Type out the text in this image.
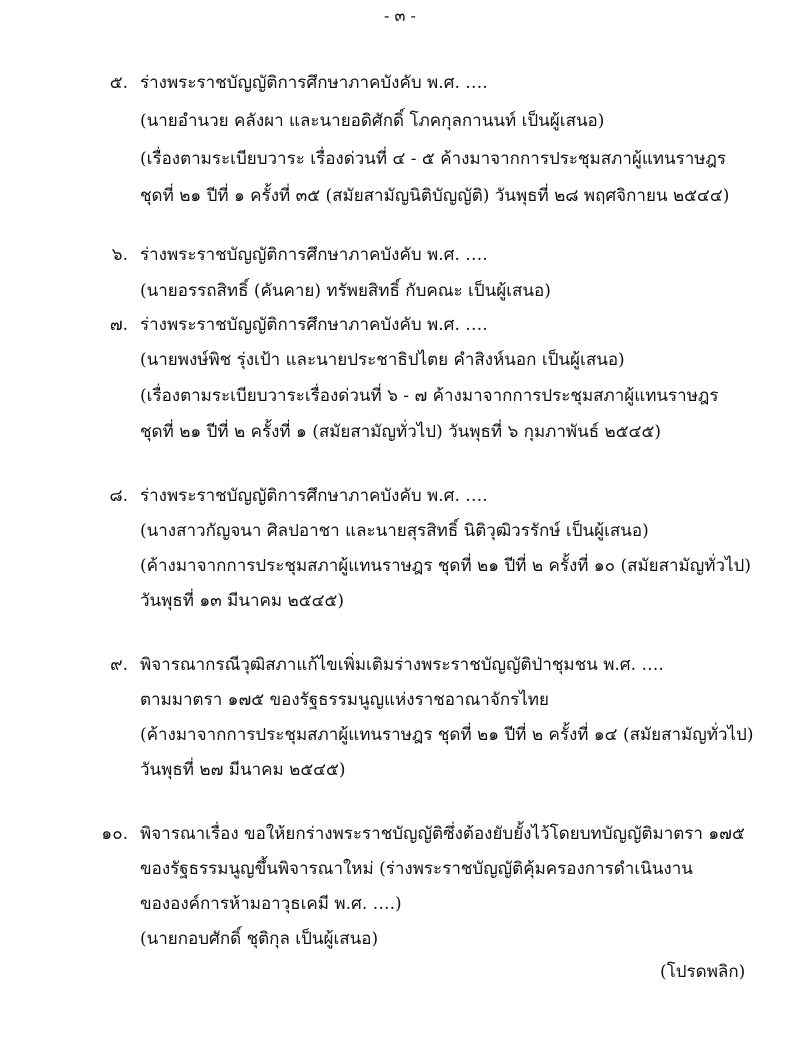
- ๓ -
๕. ร่างพระราชบัญญัติการศึกษาภาคบังคับ พ.ศ. ….
(นายอำนวย คลังผา และนายอดิศักดิ์ โภคกุลกานนท์ เป็นผู้เสนอ)
(เรื่องตามระเบียบวาระ เรื่องด่วนที่ ๔ - ๕ ค้างมาจากการประชุมสภาผู้แทนราษฎร
ชุดที่ ๒๑ ปีที่ ๑ ครั้งที่ ๓๕ (สมัยสามัญนิติบัญญัติ) วันพุธที่ ๒๘ พฤศจิกายน ๒๕๔๔)
๖. ร่างพระราชบัญญัติการศึกษาภาคบังคับ พ.ศ. ….
(นายอรรถสิทธิ์ (คันคาย) ทรัพยสิทธิ์ กับคณะ เป็นผู้เสนอ)
๗. ร่างพระราชบัญญัติการศึกษาภาคบังคับ พ.ศ. ….
(นายพงษ์พิช รุ่งเป้า และนายประชาธิปไตย คำสิงห์นอก เป็นผู้เสนอ)
(เรื่องตามระเบียบวาระเรื่องด่วนที่ ๖ - ๗ ค้างมาจากการประชุมสภาผู้แทนราษฎร
ชุดที่ ๒๑ ปีที่ ๒ ครั้งที่ ๑ (สมัยสามัญทั่วไป) วันพุธที่ ๖ กุมภาพันธ์ ๒๕๔๕)
๘. ร่างพระราชบัญญัติการศึกษาภาคบังคับ พ.ศ. ….
(นางสาวกัญจนา ศิลปอาชา และนายสุรสิทธิ์ นิติวุฒิวรรักษ์ เป็นผู้เสนอ)
(ค้างมาจากการประชุมสภาผู้แทนราษฎร ชุดที่ ๒๑ ปีที่ ๒ ครั้งที่ ๑๐ (สมัยสามัญทั่วไป)
วันพุธที่ ๑๓ มีนาคม ๒๕๔๕)
๙. พิจารณากรณีวุฒิสภาแก้ไขเพิ่มเติมร่างพระราชบัญญัติป่าชุมชน พ.ศ. ….
ตามมาตรา ๑๗๕ ของรัฐธรรมนูญแห่งราชอาณาจักรไทย
(ค้างมาจากการประชุมสภาผู้แทนราษฎร ชุดที่ ๒๑ ปีที่ ๒ ครั้งที่ ๑๔ (สมัยสามัญทั่วไป)
วันพุธที่ ๒๗ มีนาคม ๒๕๔๕)
๑๐. พิจารณาเรื่อง ขอให้ยกร่างพระราชบัญญัติซึ่งต้องยับยั้งไว้โดยบทบัญญัติมาตรา ๑๗๕
ของรัฐธรรมนูญขึ้นพิจารณาใหม่ (ร่างพระราชบัญญัติคุ้มครองการดำเนินงาน
ขององค์การห้ามอาวุธเคมี พ.ศ. ….)
(นายกอบศักดิ์ ชุติกุล เป็นผู้เสนอ)
(โปรดพลิก)
